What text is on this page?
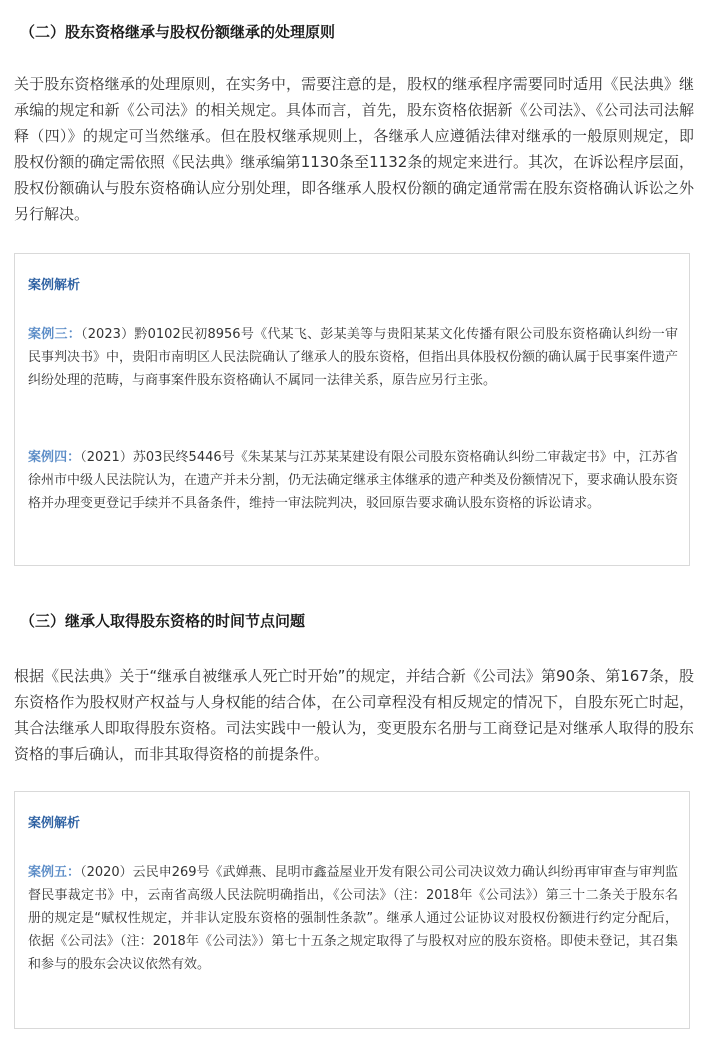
（二）股东资格继承与股权份额继承的处理原则
关于股东资格继承的处理原则，在实务中，需要注意的是，股权的继承程序需要同时适用《民法典》继承编的规定和新《公司法》的相关规定。具体而言，首先，股东资格依据新《公司法》、《公司法司法解释（四）》的规定可当然继承。但在股权继承规则上，各继承人应遵循法律对继承的一般原则规定，即股权份额的确定需依照《民法典》继承编第1130条至1132条的规定来进行。其次，在诉讼程序层面，股权份额确认与股东资格确认应分别处理，即各继承人股权份额的确定通常需在股东资格确认诉讼之外另行解决。
案例解析
案例三：（2023）黔0102民初8956号《代某飞、彭某美等与贵阳某某文化传播有限公司股东资格确认纠纷一审民事判决书》中，贵阳市南明区人民法院确认了继承人的股东资格，但指出具体股权份额的确认属于民事案件遗产纠纷处理的范畴，与商事案件股东资格确认不属同一法律关系，原告应另行主张。
案例四：（2021）苏03民终5446号《朱某某与江苏某某建设有限公司股东资格确认纠纷二审裁定书》中，江苏省徐州市中级人民法院认为，在遗产并未分割，仍无法确定继承主体继承的遗产种类及份额情况下，要求确认股东资格并办理变更登记手续并不具备条件，维持一审法院判决，驳回原告要求确认股东资格的诉讼请求。
（三）继承人取得股东资格的时间节点问题
根据《民法典》关于“继承自被继承人死亡时开始”的规定，并结合新《公司法》第90条、第167条，股东资格作为股权财产权益与人身权能的结合体，在公司章程没有相反规定的情况下，自股东死亡时起，其合法继承人即取得股东资格。司法实践中一般认为，变更股东名册与工商登记是对继承人取得的股东资格的事后确认，而非其取得资格的前提条件。
案例解析
案例五：（2020）云民申269号《武婵燕、昆明市鑫益屋业开发有限公司公司决议效力确认纠纷再审审查与审判监督民事裁定书》中，云南省高级人民法院明确指出，《公司法》（注：2018年《公司法》）第三十二条关于股东名册的规定是“赋权性规定，并非认定股东资格的强制性条款”。继承人通过公证协议对股权份额进行约定分配后，依据《公司法》（注：2018年《公司法》）第七十五条之规定取得了与股权对应的股东资格。即使未登记，其召集和参与的股东会决议依然有效。
